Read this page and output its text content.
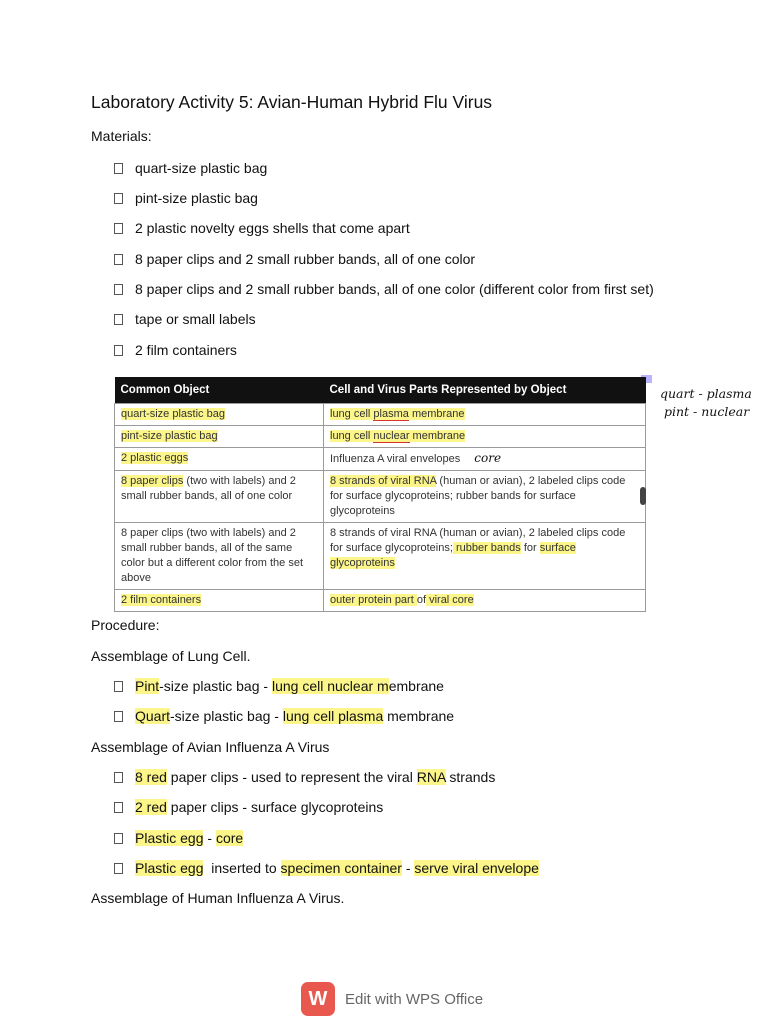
Laboratory Activity 5: Avian-Human Hybrid Flu Virus
Materials:
quart-size plastic bag
pint-size plastic bag
2 plastic novelty eggs shells that come apart
8 paper clips and 2 small rubber bands, all of one color
8 paper clips and 2 small rubber bands, all of one color (different color from first set)
tape or small labels
2 film containers
Common Object	Cell and Virus Parts Represented by Object
quart-size plastic bag	lung cell plasma membrane
pint-size plastic bag	lung cell nuclear membrane
2 plastic eggs	Influenza A viral envelopes core
8 paper clips (two with labels) and 2 small rubber bands, all of one color	8 strands of viral RNA (human or avian), 2 labeled clips code for surface glycoproteins; rubber bands for surface glycoproteins
8 paper clips (two with labels) and 2 small rubber bands, all of the same color but a different color from the set above	8 strands of viral RNA (human or avian), 2 labeled clips code for surface glycoproteins; rubber bands for surface glycoproteins
2 film containers	outer protein part of viral core
quart - plasma
pint - nuclear
Procedure:
Assemblage of Lung Cell.
Pint-size plastic bag - lung cell nuclear membrane
Quart-size plastic bag - lung cell plasma membrane
Assemblage of Avian Influenza A Virus
8 red paper clips - used to represent the viral RNA strands
2 red paper clips - surface glycoproteins
Plastic egg - core
Plastic egg  inserted to specimen container - serve viral envelope
Assemblage of Human Influenza A Virus.
W	Edit with WPS Office
